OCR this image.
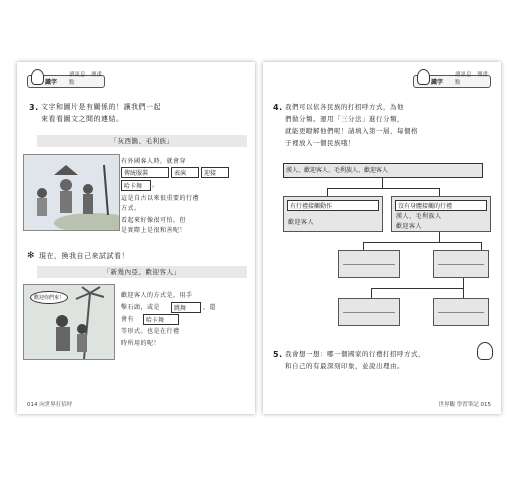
識字
讀訊息．理重點
3. 文字和圖片是有關係的！讓我們一起
來看看圖文之間的連結。
「灰西鵲、毛利族」
有外國客人時，就會穿
傳統服裝	表演	迎接
哈卡舞	。
這是自古以來很重要的行禮
方式。
看起來好像很可怕，但
是實際上是很和善呢！
✻ 現在，換我自己來試試看！
「新幾內亞、歡迎客人」
歡迎你們來！	歡迎客人的方式是，用手
擊石頭，或是	跳舞	，還
會有	哈卡舞
等形式。也是在行禮
時所用的呢！
014 向世界打招呼
識字
讀訊息．理重點
4. 我們可以依各民族的打招呼方式，為他
們做分類。運用「三分法」進行分類，
就能更瞭解他們呢！請填入第一層，每個格
子裡放入一個民族哦！
漢人、歡迎客人、毛利族人、歡迎客人
有行禮接觸動作
歡迎客人
沒有身體接觸的行禮
漢人、毛利族人
歡迎客人
5. 我會想一想：哪一個國家的行禮打招呼方式，
和自己的有最深刻印象，並說出理由。
世界觀 學習筆記 015
